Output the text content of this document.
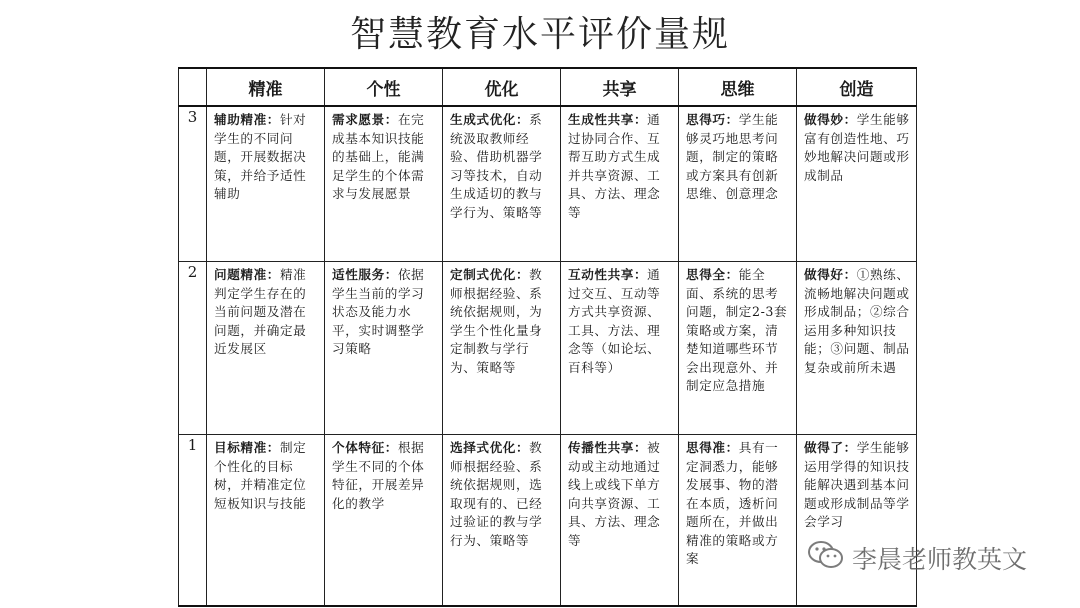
智慧教育水平评价量规
	精准	个性	优化	共享	思维	创造
3	辅助精准：针对学生的不同问题，开展数据决策，并给予适性辅助	需求愿景：在完成基本知识技能的基础上，能满足学生的个体需求与发展愿景	生成式优化：系统汲取教师经验、借助机器学习等技术，自动生成适切的教与学行为、策略等	生成性共享：通过协同合作、互帮互助方式生成并共享资源、工具、方法、理念等	思得巧：学生能够灵巧地思考问题，制定的策略或方案具有创新思维、创意理念	做得妙：学生能够富有创造性地、巧妙地解决问题或形成制品
2	问题精准：精准判定学生存在的当前问题及潜在问题，并确定最近发展区	适性服务：依据学生当前的学习状态及能力水平，实时调整学习策略	定制式优化：教师根据经验、系统依据规则，为学生个性化量身定制教与学行为、策略等	互动性共享：通过交互、互动等方式共享资源、工具、方法、理念等（如论坛、百科等）	思得全：能全面、系统的思考问题，制定2-3套策略或方案，清楚知道哪些环节会出现意外、并制定应急措施	做得好：①熟练、流畅地解决问题或形成制品；②综合运用多种知识技能；③问题、制品复杂或前所未遇
1	目标精准：制定个性化的目标树，并精准定位短板知识与技能	个体特征：根据学生不同的个体特征，开展差异化的教学	选择式优化：教师根据经验、系统依据规则，选取现有的、已经过验证的教与学行为、策略等	传播性共享：被动或主动地通过线上或线下单方向共享资源、工具、方法、理念等	思得准：具有一定洞悉力，能够发展事、物的潜在本质，透析问题所在，并做出精准的策略或方案	做得了：学生能够运用学得的知识技能解决遇到基本问题或形成制品等学会学习
李晨老师教英文
